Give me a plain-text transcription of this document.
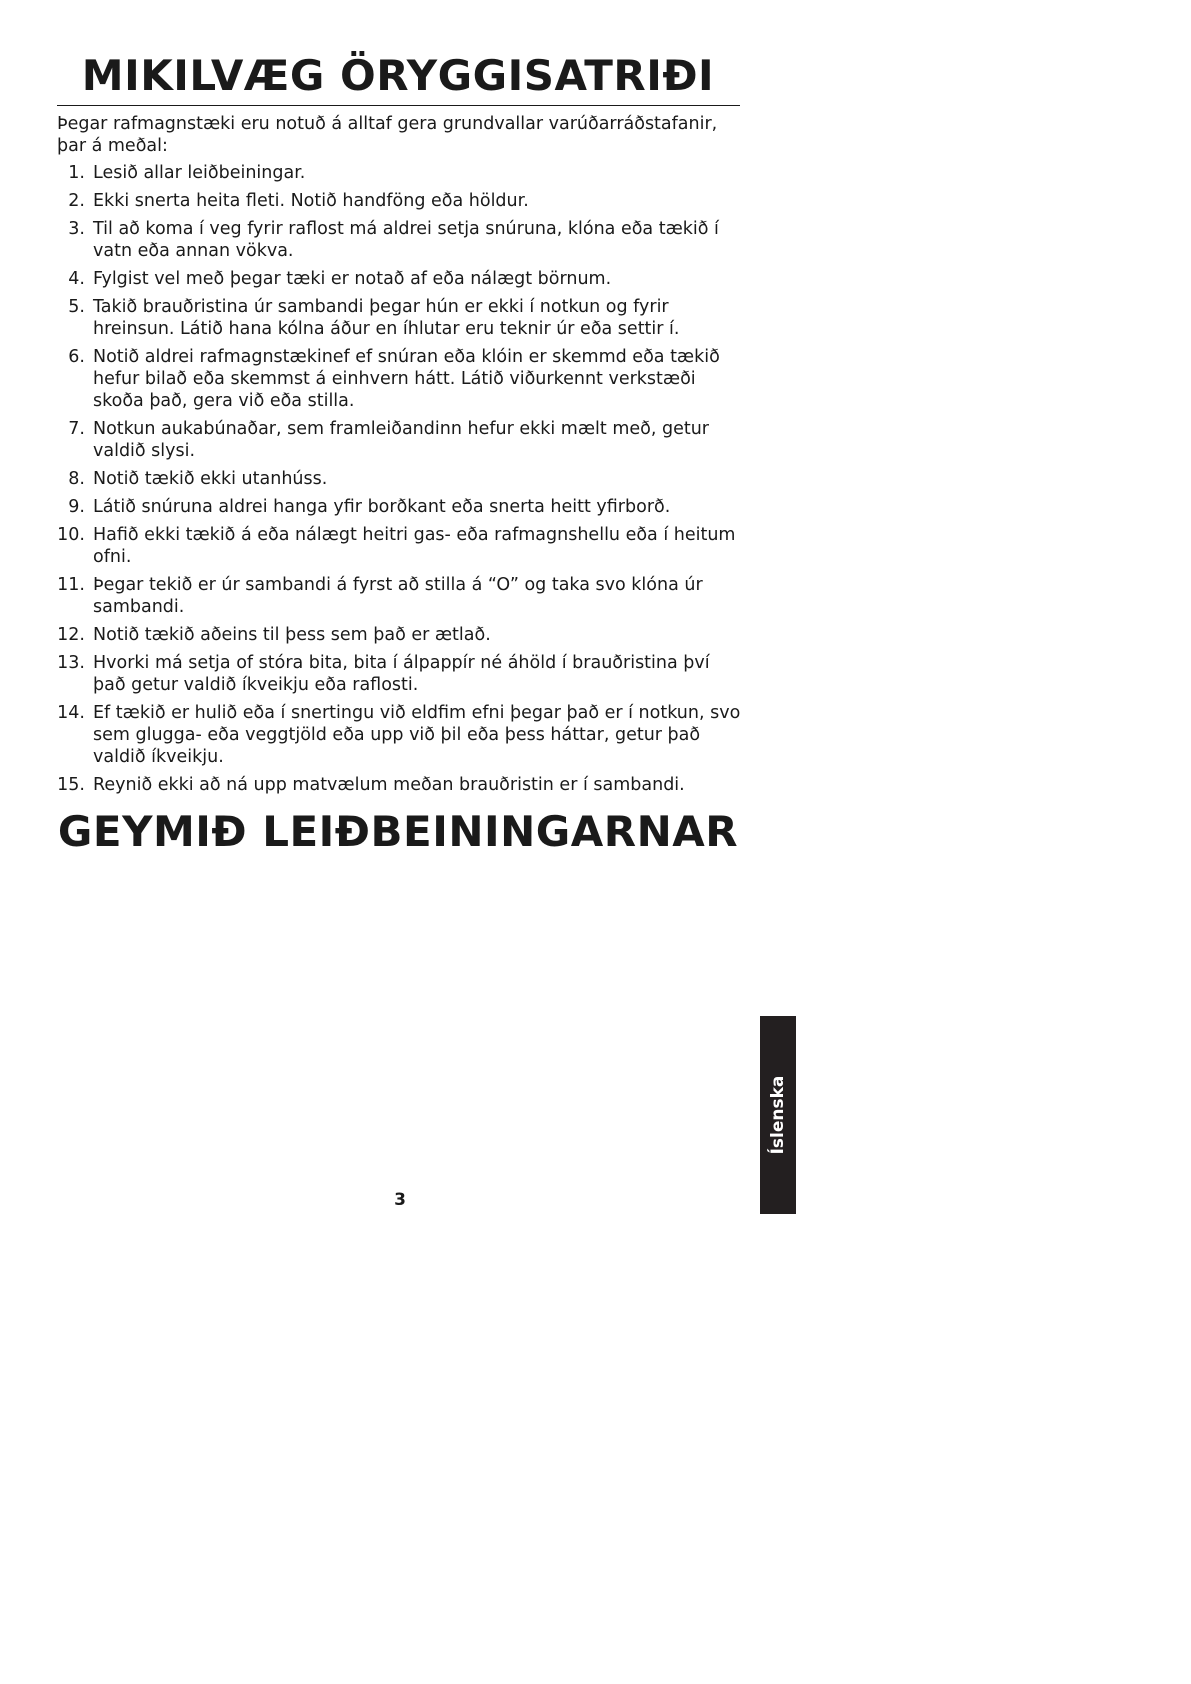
MIKILVÆG ÖRYGGISATRIÐI

Þegar rafmagnstæki eru notuð á alltaf gera grundvallar varúðarráðstafanir, þar á meðal:

1. Lesið allar leiðbeiningar.
2. Ekki snerta heita fleti. Notið handföng eða höldur.
3. Til að koma í veg fyrir raflost má aldrei setja snúruna, klóna eða tækið í vatn eða annan vökva.
4. Fylgist vel með þegar tæki er notað af eða nálægt börnum.
5. Takið brauðristina úr sambandi þegar hún er ekki í notkun og fyrir hreinsun. Látið hana kólna áður en íhlutar eru teknir úr eða settir í.
6. Notið aldrei rafmagnstækinef ef snúran eða klóin er skemmd eða tækið hefur bilað eða skemmst á einhvern hátt. Látið viðurkennt verkstæði skoða það, gera við eða stilla.
7. Notkun aukabúnaðar, sem framleiðandinn hefur ekki mælt með, getur valdið slysi.
8. Notið tækið ekki utanhúss.
9. Látið snúruna aldrei hanga yfir borðkant eða snerta heitt yfirborð.
10. Hafið ekki tækið á eða nálægt heitri gas- eða rafmagnshellu eða í heitum ofni.
11. Þegar tekið er úr sambandi á fyrst að stilla á “O” og taka svo klóna úr sambandi.
12. Notið tækið aðeins til þess sem það er ætlað.
13. Hvorki má setja of stóra bita, bita í álpappír né áhöld í brauðristina því það getur valdið íkveikju eða raflosti.
14. Ef tækið er hulið eða í snertingu við eldfim efni þegar það er í notkun, svo sem glugga- eða veggtjöld eða upp við þil eða þess háttar, getur það valdið íkveikju.
15. Reynið ekki að ná upp matvælum meðan brauðristin er í sambandi.
GEYMIÐ LEIÐBEININGARNAR
3
Íslenska
